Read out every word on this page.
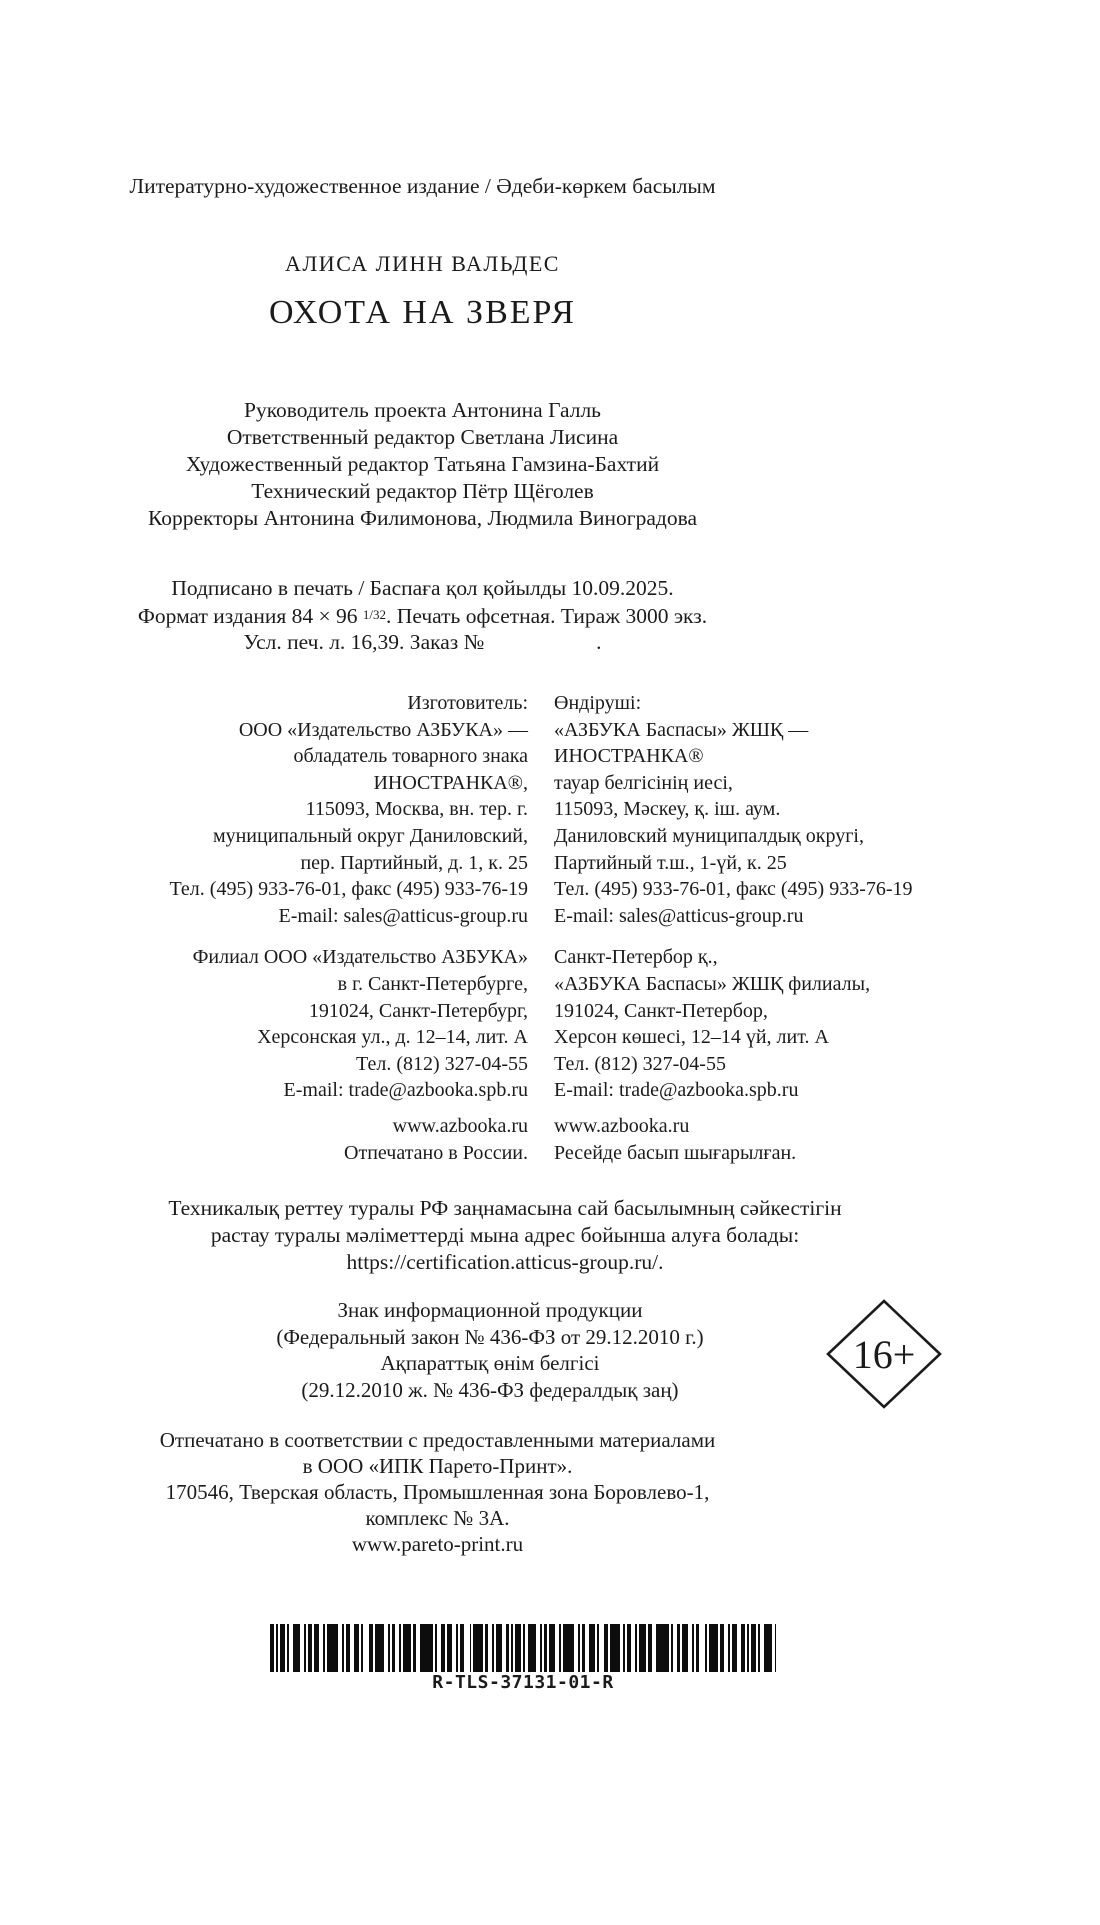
Литературно-художественное издание / Әдеби-көркем басылым
АЛИСА ЛИНН ВАЛЬДЕС
ОХОТА НА ЗВЕРЯ
Руководитель проекта Антонина Галль
Ответственный редактор Светлана Лисина
Художественный редактор Татьяна Гамзина-Бахтий
Технический редактор Пётр Щёголев
Корректоры Антонина Филимонова, Людмила Виноградова
Подписано в печать / Баспаға қол қойылды 10.09.2025.
Формат издания 84 × 96 1/32. Печать офсетная. Тираж 3000 экз.
Усл. печ. л. 16,39. Заказ №	.
Изготовитель:
ООО «Издательство АЗБУКА» —
обладатель товарного знака
ИНОСТРАНКА®,
115093, Москва, вн. тер. г.
муниципальный округ Даниловский,
пер. Партийный, д. 1, к. 25
Тел. (495) 933-76-01, факс (495) 933-76-19
E-mail: sales@atticus-group.ru
Филиал ООО «Издательство АЗБУКА»
в г. Санкт-Петербурге,
191024, Санкт-Петербург,
Херсонская ул., д. 12–14, лит. А
Тел. (812) 327-04-55
E-mail: trade@azbooka.spb.ru
www.azbooka.ru
Отпечатано в России.
Өндіруші:
«АЗБУКА Баспасы» ЖШҚ —
ИНОСТРАНКА®
тауар белгісінің иесі,
115093, Мәскеу, қ. іш. аум.
Даниловский муниципалдық округі,
Партийный т.ш., 1-үй, к. 25
Тел. (495) 933-76-01, факс (495) 933-76-19
E-mail: sales@atticus-group.ru
Санкт-Петербор қ.,
«АЗБУКА Баспасы» ЖШҚ филиалы,
191024, Санкт-Петербор,
Херсон көшесі, 12–14 үй, лит. А
Тел. (812) 327-04-55
E-mail: trade@azbooka.spb.ru
www.azbooka.ru
Ресейде басып шығарылған.
Техникалық реттеу туралы РФ заңнамасына сай басылымның сәйкестігін
растау туралы мәліметтерді мына адрес бойынша алуға болады:
https://certification.atticus-group.ru/.
Знак информационной продукции
(Федеральный закон № 436-ФЗ от 29.12.2010 г.)
Ақпараттық өнім белгісі
(29.12.2010 ж. № 436-ФЗ федералдық заң)
16+
Отпечатано в соответствии с предоставленными материалами
в ООО «ИПК Парето-Принт».
170546, Тверская область, Промышленная зона Боровлево-1,
комплекс № 3А.
www.pareto-print.ru
R-TLS-37131-01-R
